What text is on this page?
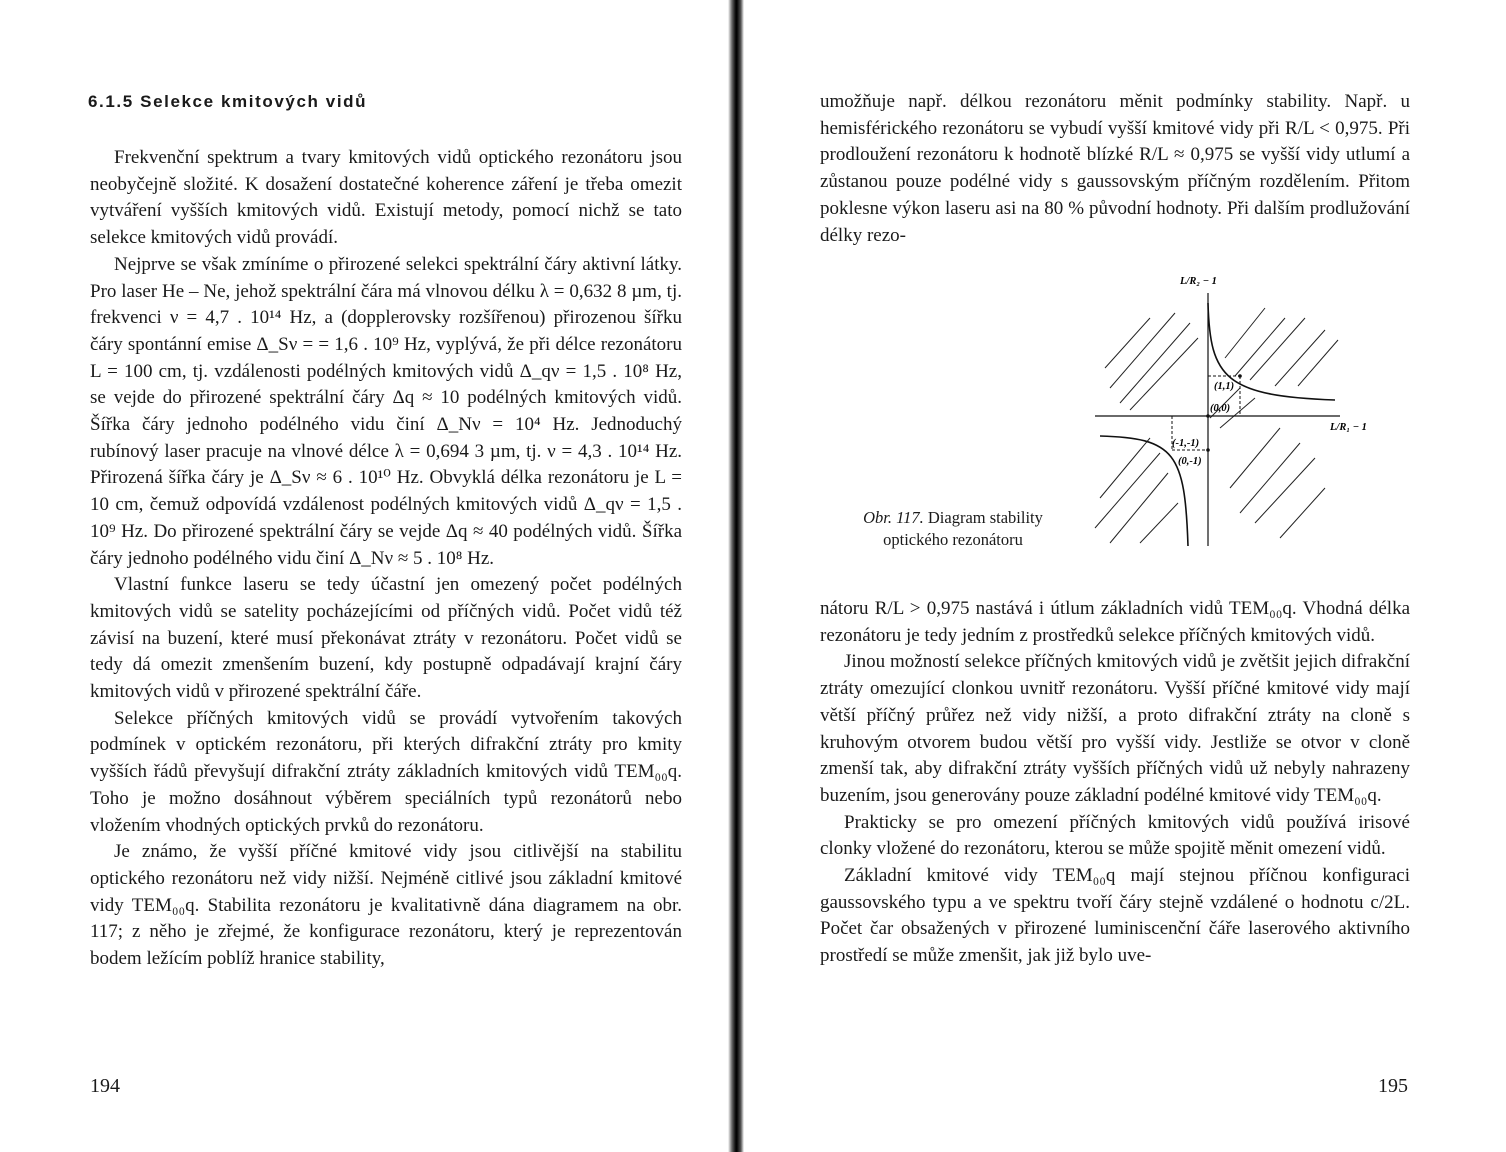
6.1.5 Selekce kmitových vidů

Frekvenční spektrum a tvary kmitových vidů optického rezonátoru jsou neobyčejně složité. K dosažení dostatečné koherence záření je třeba omezit vytváření vyšších kmitových vidů. Existují metody, pomocí nichž se tato selekce kmitových vidů provádí.

Nejprve se však zmíníme o přirozené selekci spektrální čáry aktivní látky. Pro laser He – Ne, jehož spektrální čára má vlnovou délku λ = 0,632 8 µm, tj. frekvenci ν = 4,7 . 10¹⁴ Hz, a (dopplerovsky rozšířenou) přirozenou šířku čáry spontánní emise Δ_Sν = = 1,6 . 10⁹ Hz, vyplývá, že při délce rezonátoru L = 100 cm, tj. vzdálenosti podélných kmitových vidů Δ_qν = 1,5 . 10⁸ Hz, se vejde do přirozené spektrální čáry Δq ≈ 10 podélných kmitových vidů. Šířka čáry jednoho podélného vidu činí Δ_Nν = 10⁴ Hz. Jednoduchý rubínový laser pracuje na vlnové délce λ = 0,694 3 µm, tj. ν = 4,3 . 10¹⁴ Hz. Přirozená šířka čáry je Δ_Sν ≈ 6 . 10¹⁰ Hz. Obvyklá délka rezonátoru je L = 10 cm, čemuž odpovídá vzdálenost podélných kmitových vidů Δ_qν = 1,5 . 10⁹ Hz. Do přirozené spektrální čáry se vejde Δq ≈ 40 podélných vidů. Šířka čáry jednoho podélného vidu činí Δ_Nν ≈ 5 . 10⁸ Hz.

Vlastní funkce laseru se tedy účastní jen omezený počet podélných kmitových vidů se satelity pocházejícími od příčných vidů. Počet vidů též závisí na buzení, které musí překonávat ztráty v rezonátoru. Počet vidů se tedy dá omezit zmenšením buzení, kdy postupně odpadávají krajní čáry kmitových vidů v přirozené spektrální čáře.

Selekce příčných kmitových vidů se provádí vytvořením takových podmínek v optickém rezonátoru, při kterých difrakční ztráty pro kmity vyšších řádů převyšují difrakční ztráty základních kmitových vidů TEM₀₀q. Toho je možno dosáhnout výběrem speciálních typů rezonátorů nebo vložením vhodných optických prvků do rezonátoru.

Je známo, že vyšší příčné kmitové vidy jsou citlivější na stabilitu optického rezonátoru než vidy nižší. Nejméně citlivé jsou základní kmitové vidy TEM₀₀q. Stabilita rezonátoru je kvalitativně dána diagramem na obr. 117; z něho je zřejmé, že konfigurace rezonátoru, který je reprezentován bodem ležícím poblíž hranice stability,

194

umožňuje např. délkou rezonátoru měnit podmínky stability. Např. u hemisférického rezonátoru se vybudí vyšší kmitové vidy při R/L < 0,975. Při prodloužení rezonátoru k hodnotě blízké R/L ≈ 0,975 se vyšší vidy utlumí a zůstanou pouze podélné vidy s gaussovským příčným rozdělením. Přitom poklesne výkon laseru asi na 80 % původní hodnoty. Při dalším prodlužování délky rezo-

Obr. 117. Diagram stability optického rezonátoru
(1,1)
(0,0)
(-1,-1)
(0,-1)
L/R₂ − 1
L/R₁ − 1

nátoru R/L > 0,975 nastává i útlum základních vidů TEM₀₀q. Vhodná délka rezonátoru je tedy jedním z prostředků selekce příčných kmitových vidů.

Jinou možností selekce příčných kmitových vidů je zvětšit jejich difrakční ztráty omezující clonkou uvnitř rezonátoru. Vyšší příčné kmitové vidy mají větší příčný průřez než vidy nižší, a proto difrakční ztráty na cloně s kruhovým otvorem budou větší pro vyšší vidy. Jestliže se otvor v cloně zmenší tak, aby difrakční ztráty vyšších příčných vidů už nebyly nahrazeny buzením, jsou generovány pouze základní podélné kmitové vidy TEM₀₀q.

Prakticky se pro omezení příčných kmitových vidů používá irisové clonky vložené do rezonátoru, kterou se může spojitě měnit omezení vidů.

Základní kmitové vidy TEM₀₀q mají stejnou příčnou konfiguraci gaussovského typu a ve spektru tvoří čáry stejně vzdálené o hodnotu c/2L. Počet čar obsažených v přirozené luminiscenční čáře laserového aktivního prostředí se může zmenšit, jak již bylo uve-

195
